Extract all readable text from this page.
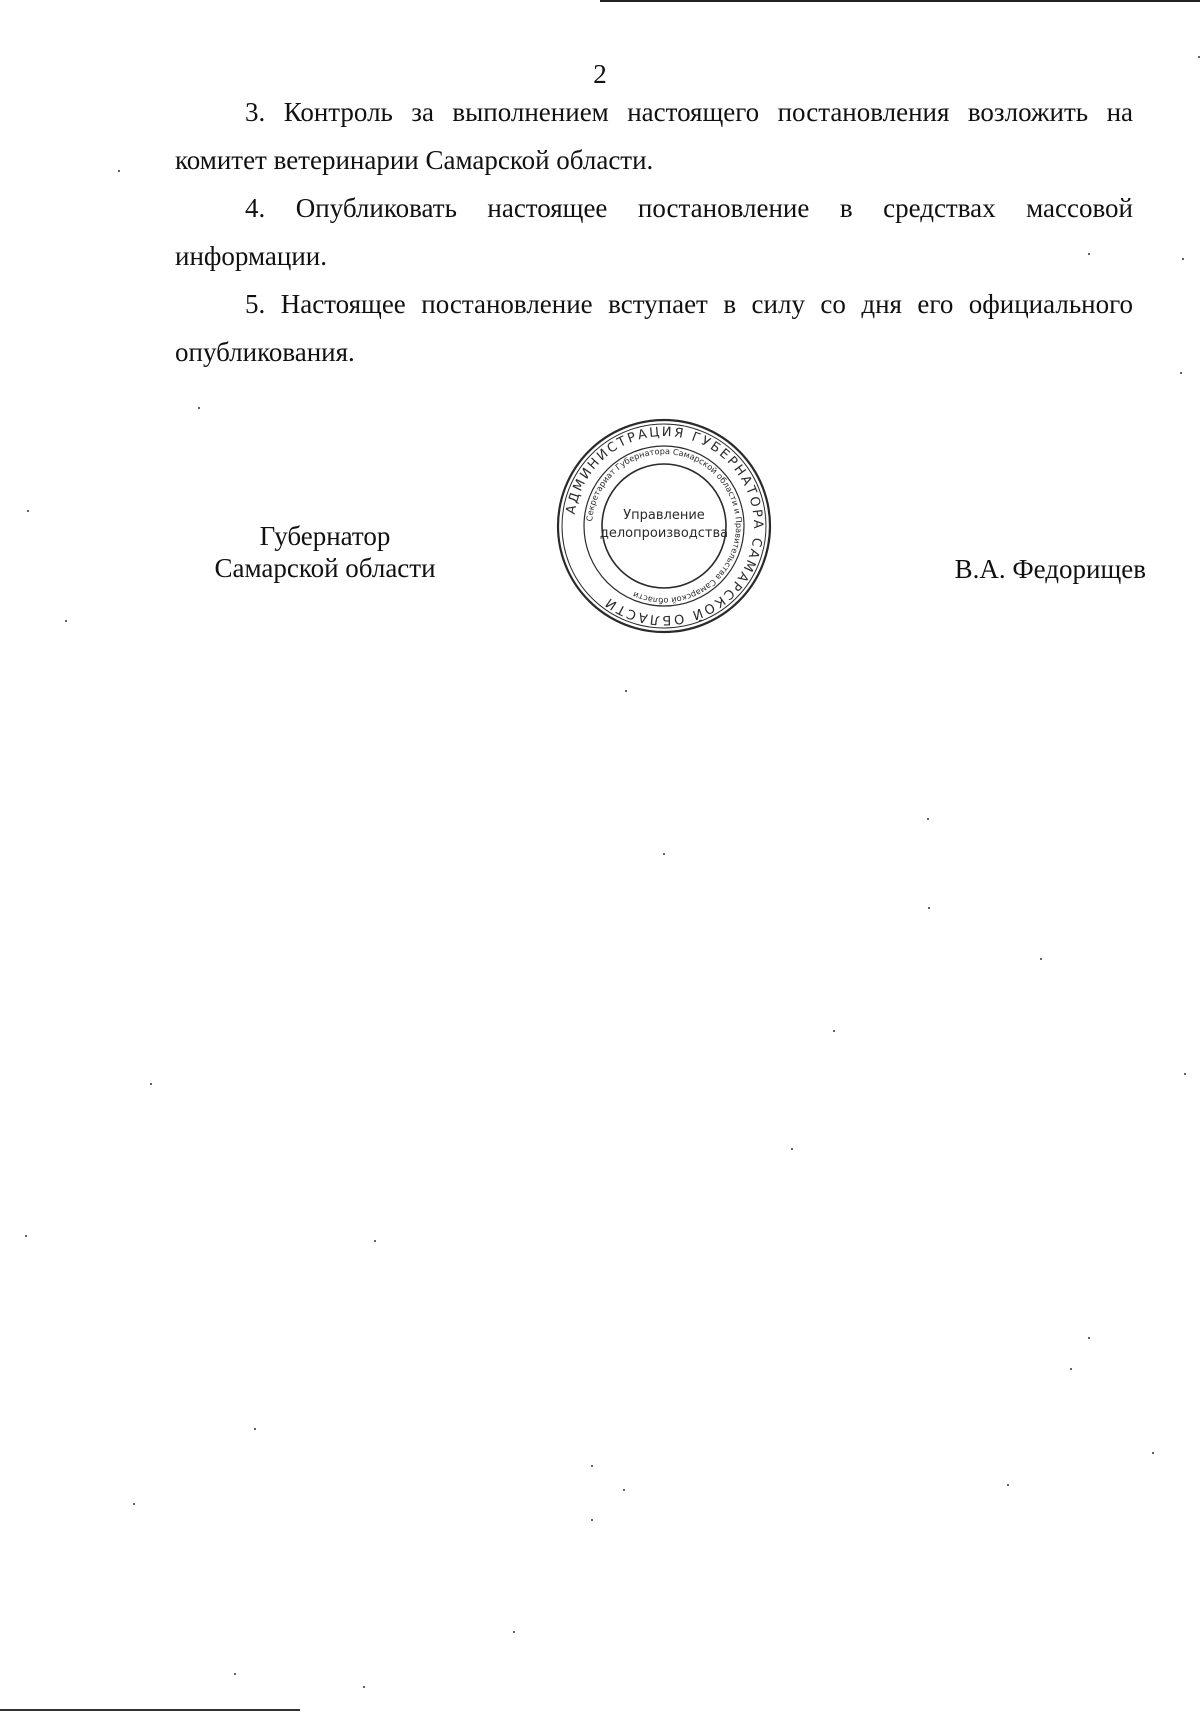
2

3. Контроль за выполнением настоящего постановления возложить на комитет ветеринарии Самарской области.

4. Опубликовать настоящее постановление в средствах массовой информации.

5. Настоящее постановление вступает в силу со дня его официального опубликования.

Губернатор
Самарской области
АДМИНИСТРАЦИЯ ГУБЕРНАТОРА САМАРСКОЙ ОБЛАСТИ
Секретариат Губернатора Самарской области и Правительства Самарской области
Управление
делопроизводства
В.А. Федорищев
